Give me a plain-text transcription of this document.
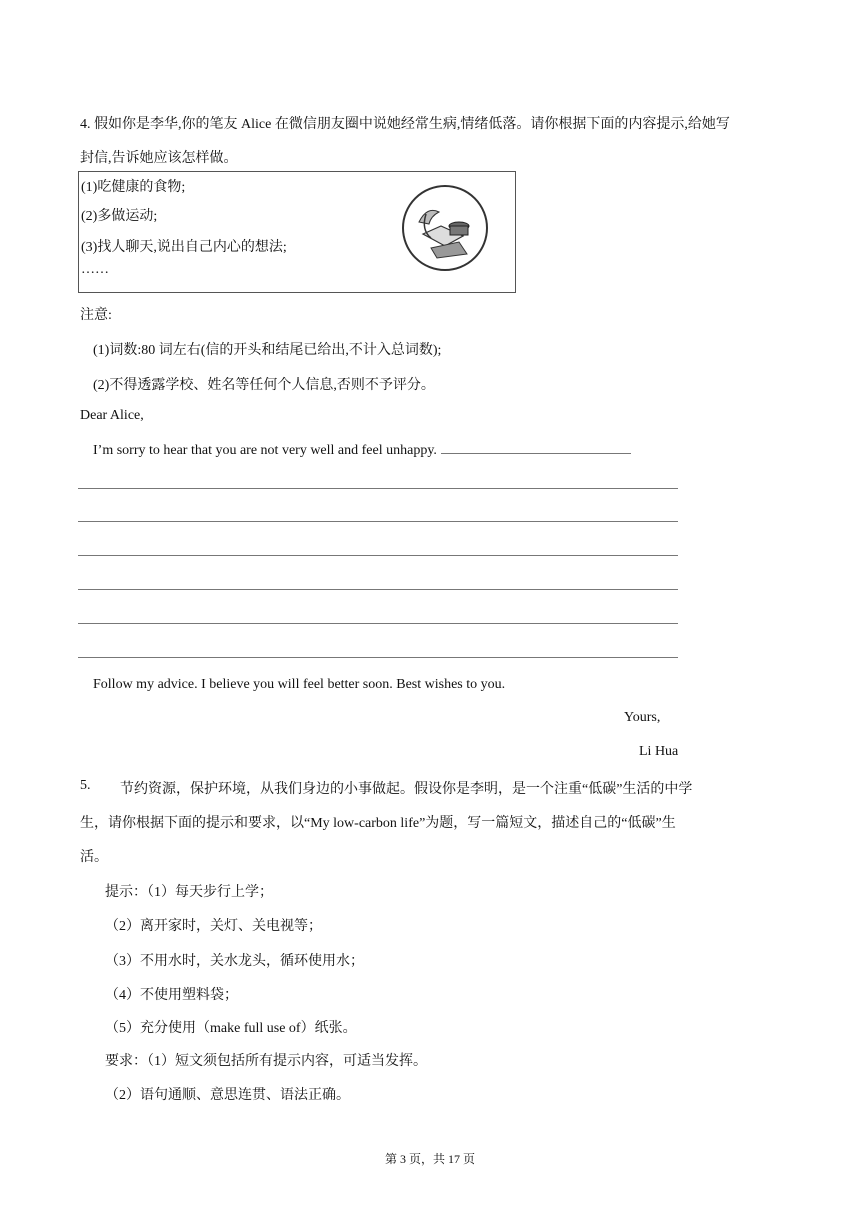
4. 假如你是李华,你的笔友 Alice 在微信朋友圈中说她经常生病,情绪低落。请你根据下面的内容提示,给她写
封信,告诉她应该怎样做。
(1)吃健康的食物;
(2)多做运动;
(3)找人聊天,说出自己内心的想法;
……
注意:
(1)词数:80 词左右(信的开头和结尾已给出,不计入总词数);
(2)不得透露学校、姓名等任何个人信息,否则不予评分。
Dear Alice,
I’m sorry to hear that you are not very well and feel unhappy.
Follow my advice. I believe you will feel better soon. Best wishes to you.
Yours,
Li Hua
5. 节约资源，保护环境，从我们身边的小事做起。假设你是李明，是一个注重“低碳”生活的中学
生，请你根据下面的提示和要求，以“My low-carbon life”为题，写一篇短文，描述自己的“低碳”生
活。
提示：（1）每天步行上学；
（2）离开家时，关灯、关电视等；
（3）不用水时，关水龙头，循环使用水；
（4）不使用塑料袋；
（5）充分使用（make full use of）纸张。
要求：（1）短文须包括所有提示内容，可适当发挥。
（2）语句通顺、意思连贯、语法正确。
第 3 页，共 17 页
